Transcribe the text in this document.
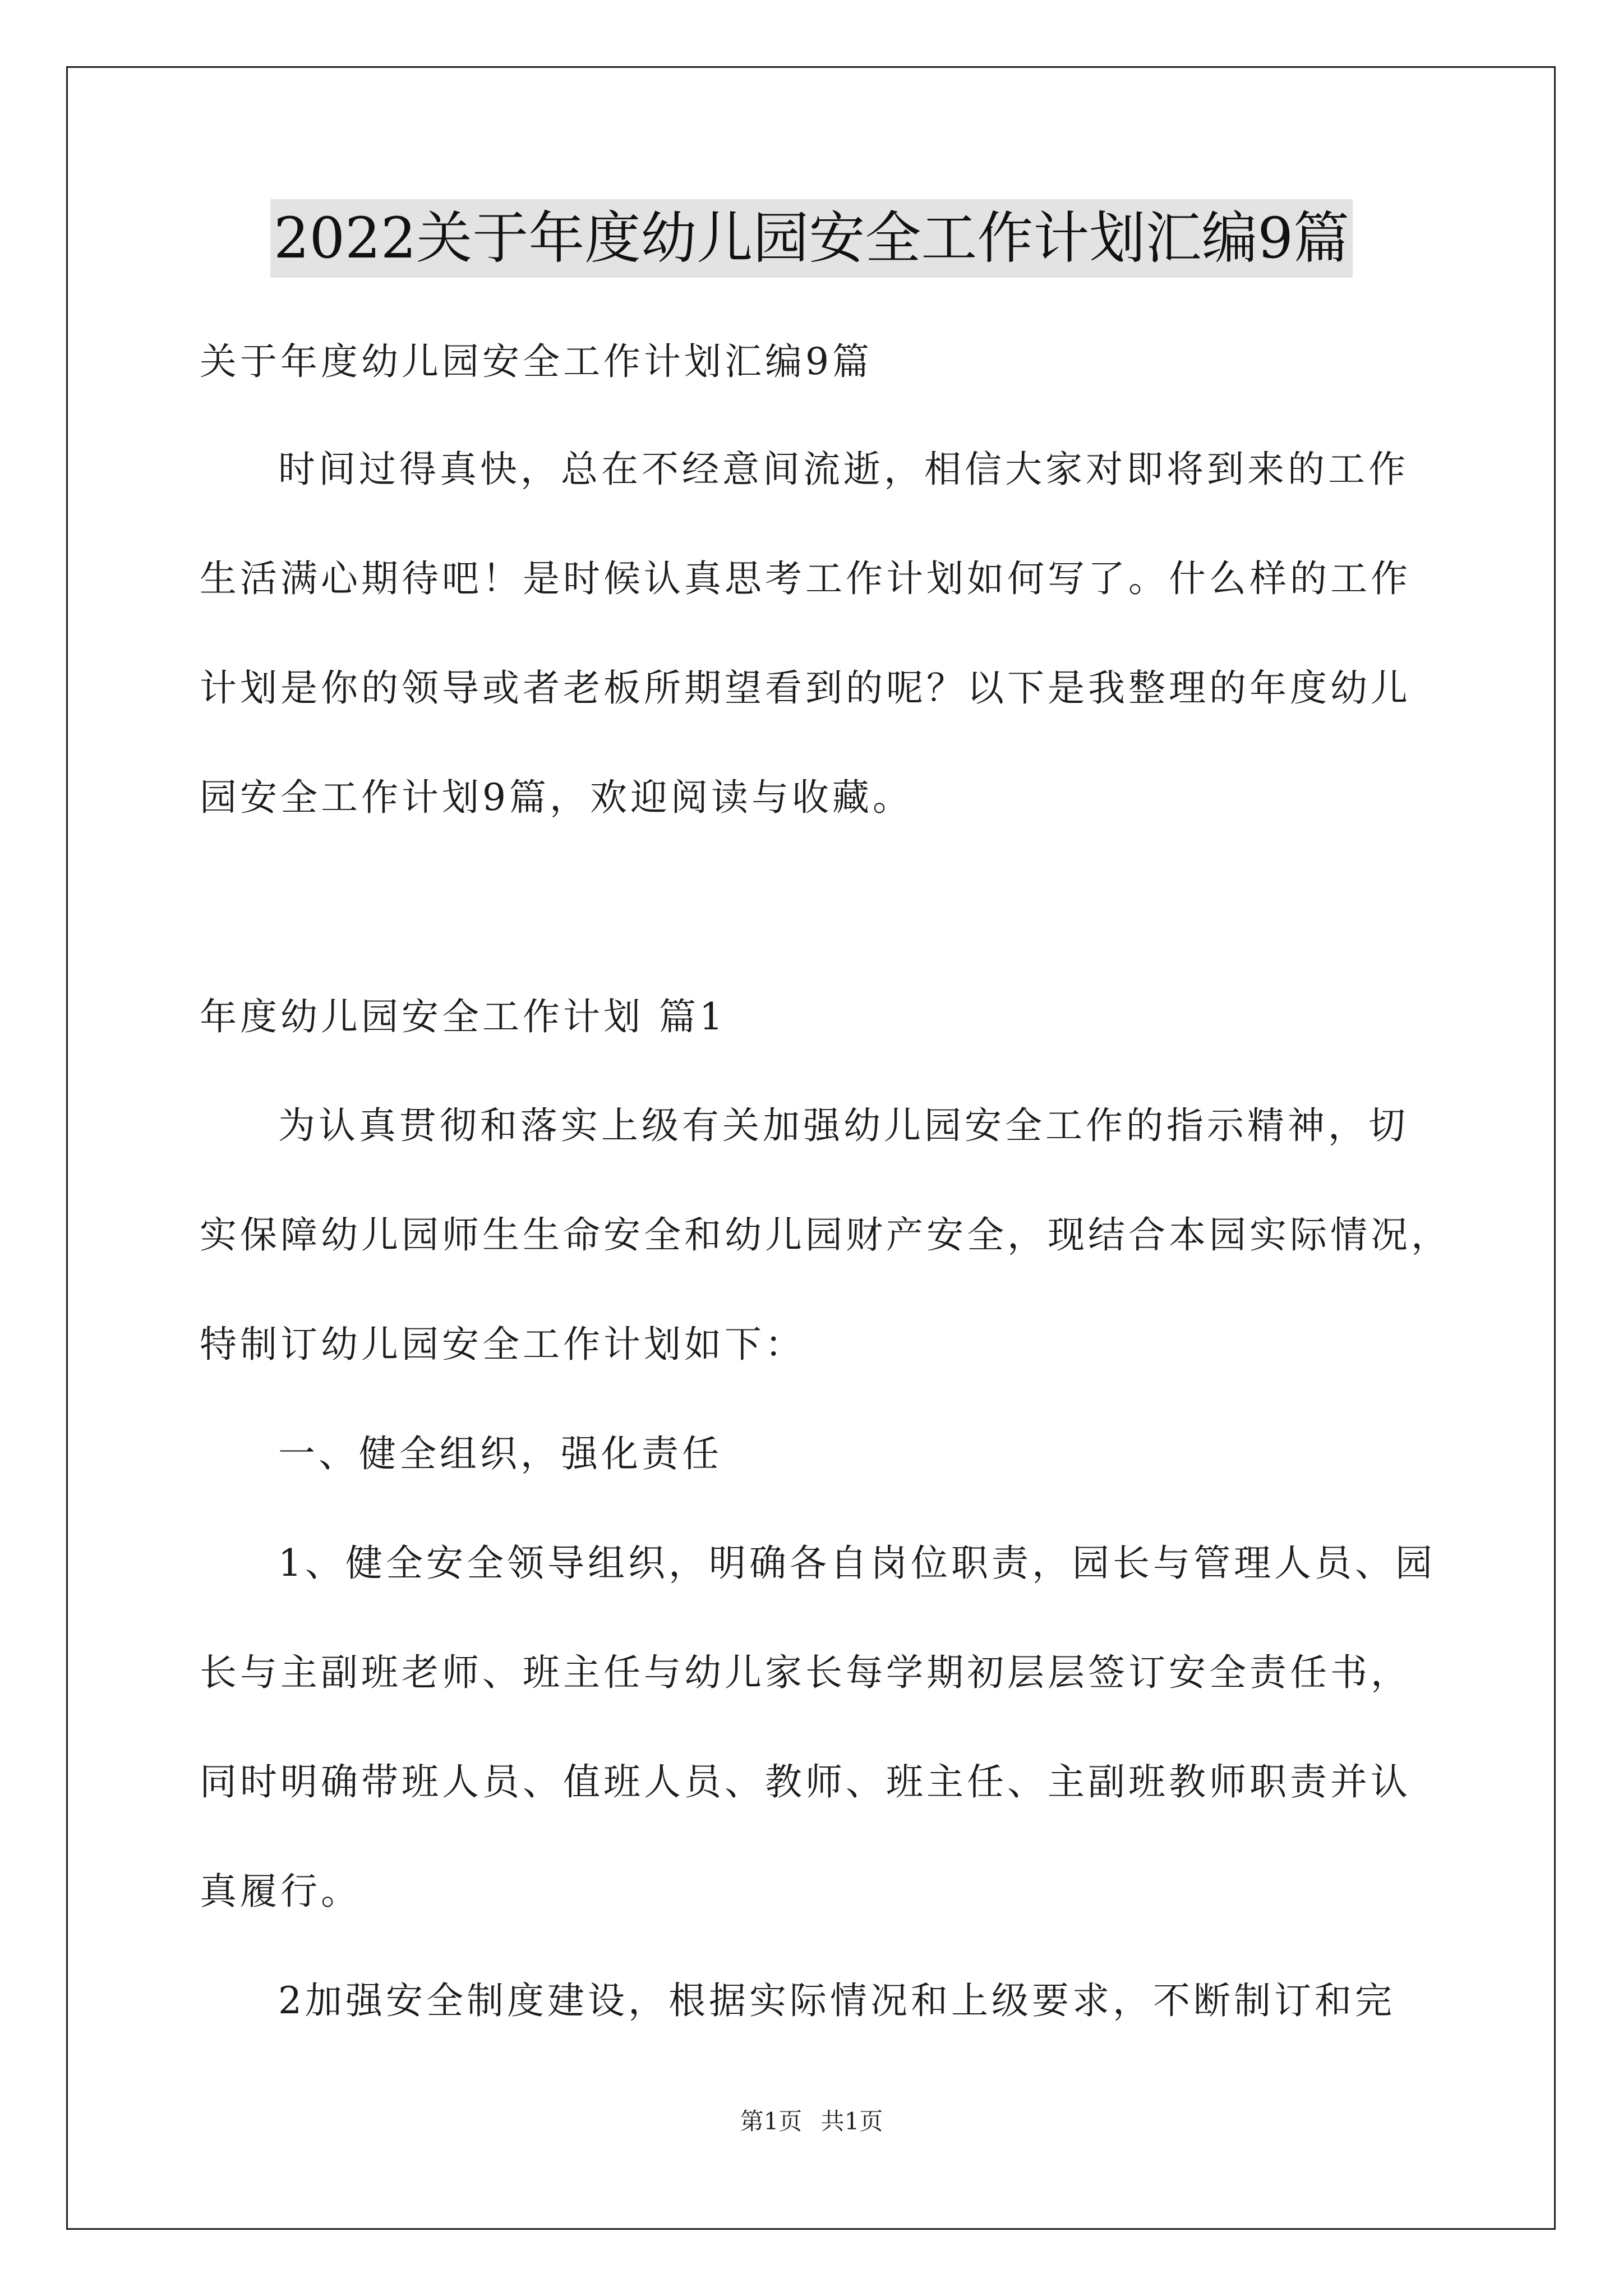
2022关于年度幼儿园安全工作计划汇编9篇
关于年度幼儿园安全工作计划汇编9篇
时间过得真快，总在不经意间流逝，相信大家对即将到来的工作
生活满心期待吧！是时候认真思考工作计划如何写了。什么样的工作
计划是你的领导或者老板所期望看到的呢？以下是我整理的年度幼儿
园安全工作计划9篇，欢迎阅读与收藏。
年度幼儿园安全工作计划 篇1
为认真贯彻和落实上级有关加强幼儿园安全工作的指示精神，切
实保障幼儿园师生生命安全和幼儿园财产安全，现结合本园实际情况，
特制订幼儿园安全工作计划如下：
一、健全组织，强化责任
1、健全安全领导组织，明确各自岗位职责，园长与管理人员、园
长与主副班老师、班主任与幼儿家长每学期初层层签订安全责任书，
同时明确带班人员、值班人员、教师、班主任、主副班教师职责并认
真履行。
2加强安全制度建设，根据实际情况和上级要求，不断制订和完
第1页 共1页
